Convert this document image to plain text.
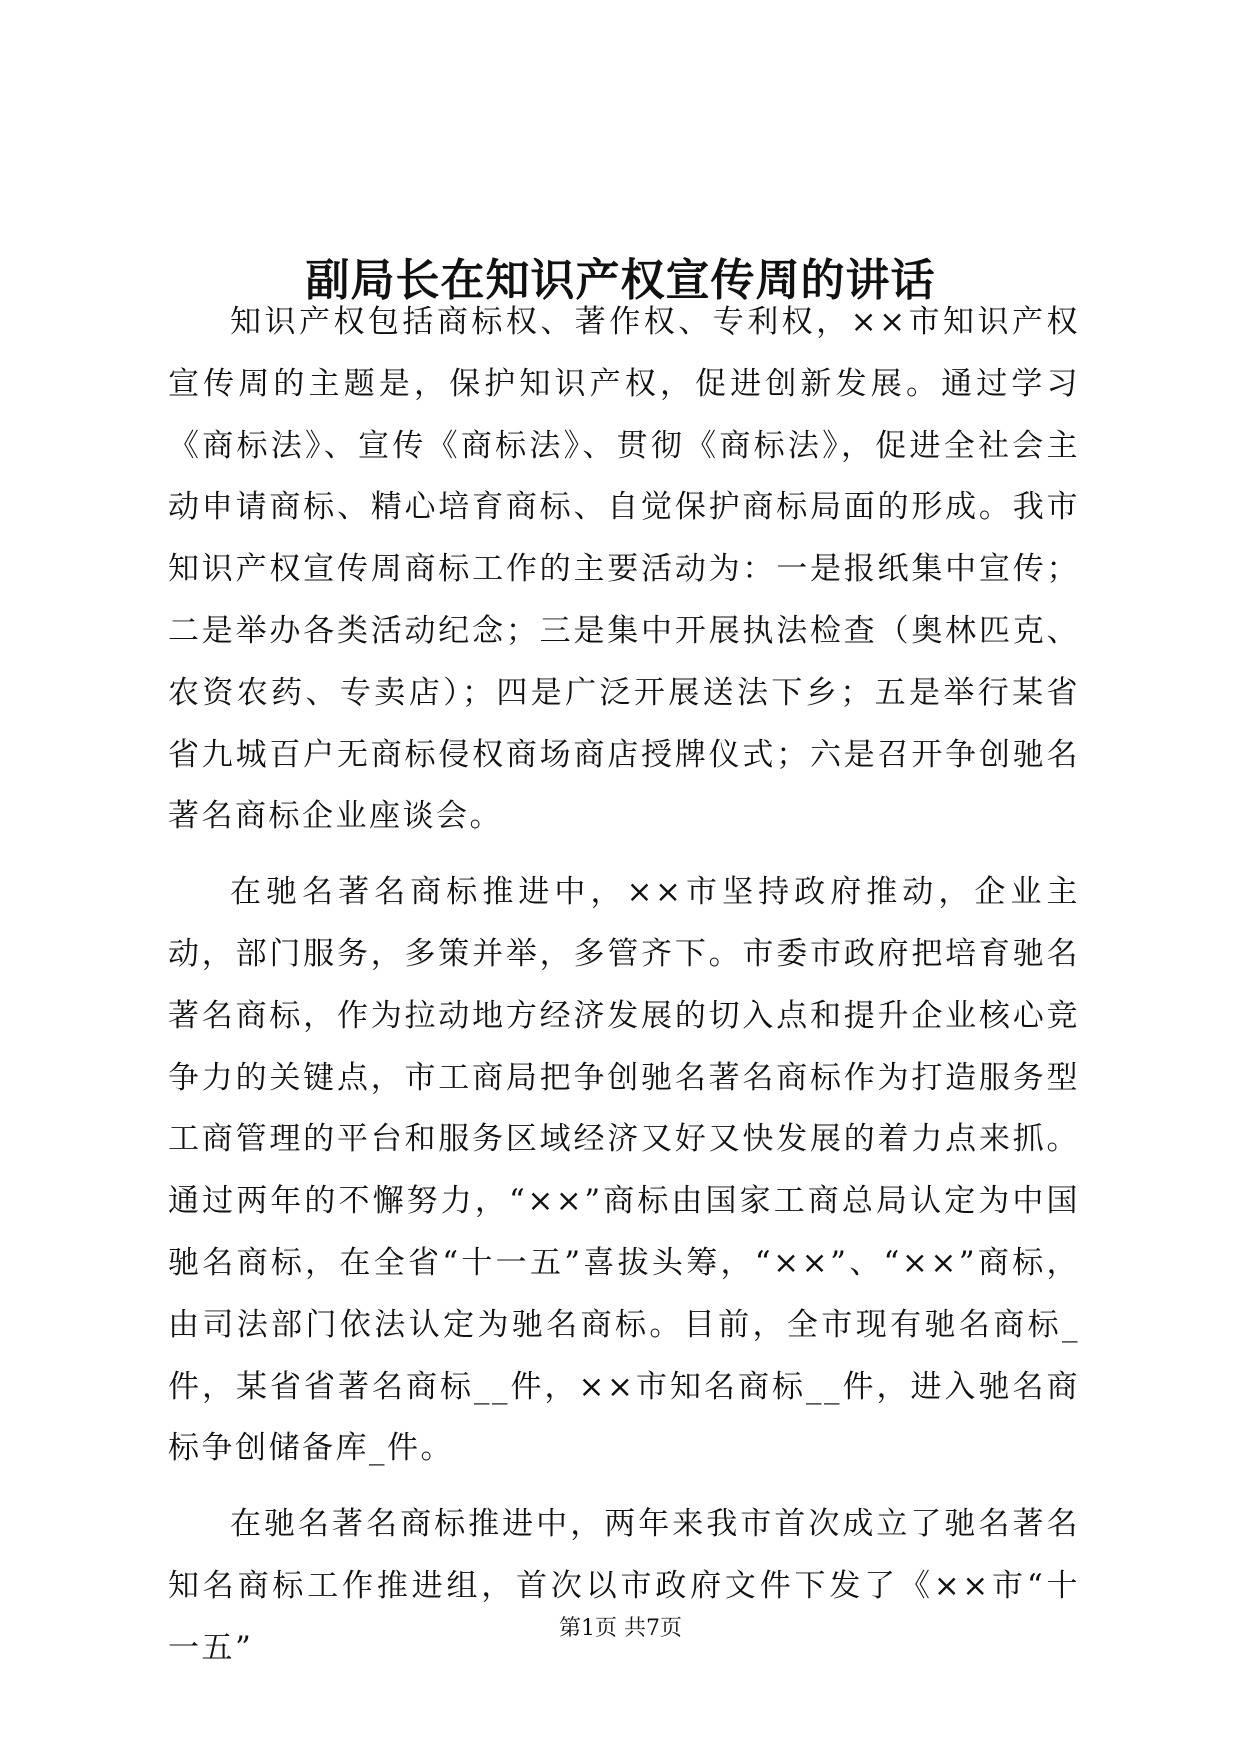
副局长在知识产权宣传周的讲话

知识产权包括商标权、著作权、专利权，××市知识产权宣传周的主题是，保护知识产权，促进创新发展。通过学习《商标法》、宣传《商标法》、贯彻《商标法》，促进全社会主动申请商标、精心培育商标、自觉保护商标局面的形成。我市知识产权宣传周商标工作的主要活动为：一是报纸集中宣传；二是举办各类活动纪念；三是集中开展执法检查（奥林匹克、农资农药、专卖店）；四是广泛开展送法下乡；五是举行某省省九城百户无商标侵权商场商店授牌仪式；六是召开争创驰名著名商标企业座谈会。

在驰名著名商标推进中，××市坚持政府推动，企业主动，部门服务，多策并举，多管齐下。市委市政府把培育驰名著名商标，作为拉动地方经济发展的切入点和提升企业核心竞争力的关键点，市工商局把争创驰名著名商标作为打造服务型工商管理的平台和服务区域经济又好又快发展的着力点来抓。通过两年的不懈努力，“××”商标由国家工商总局认定为中国驰名商标，在全省“十一五”喜拔头筹，“××”、“××”商标，由司法部门依法认定为驰名商标。目前，全市现有驰名商标_件，某省省著名商标__件，××市知名商标__件，进入驰名商标争创储备库_件。

在驰名著名商标推进中，两年来我市首次成立了驰名著名知名商标工作推进组，首次以市政府文件下发了《××市“十一五”

第1页 共7页
